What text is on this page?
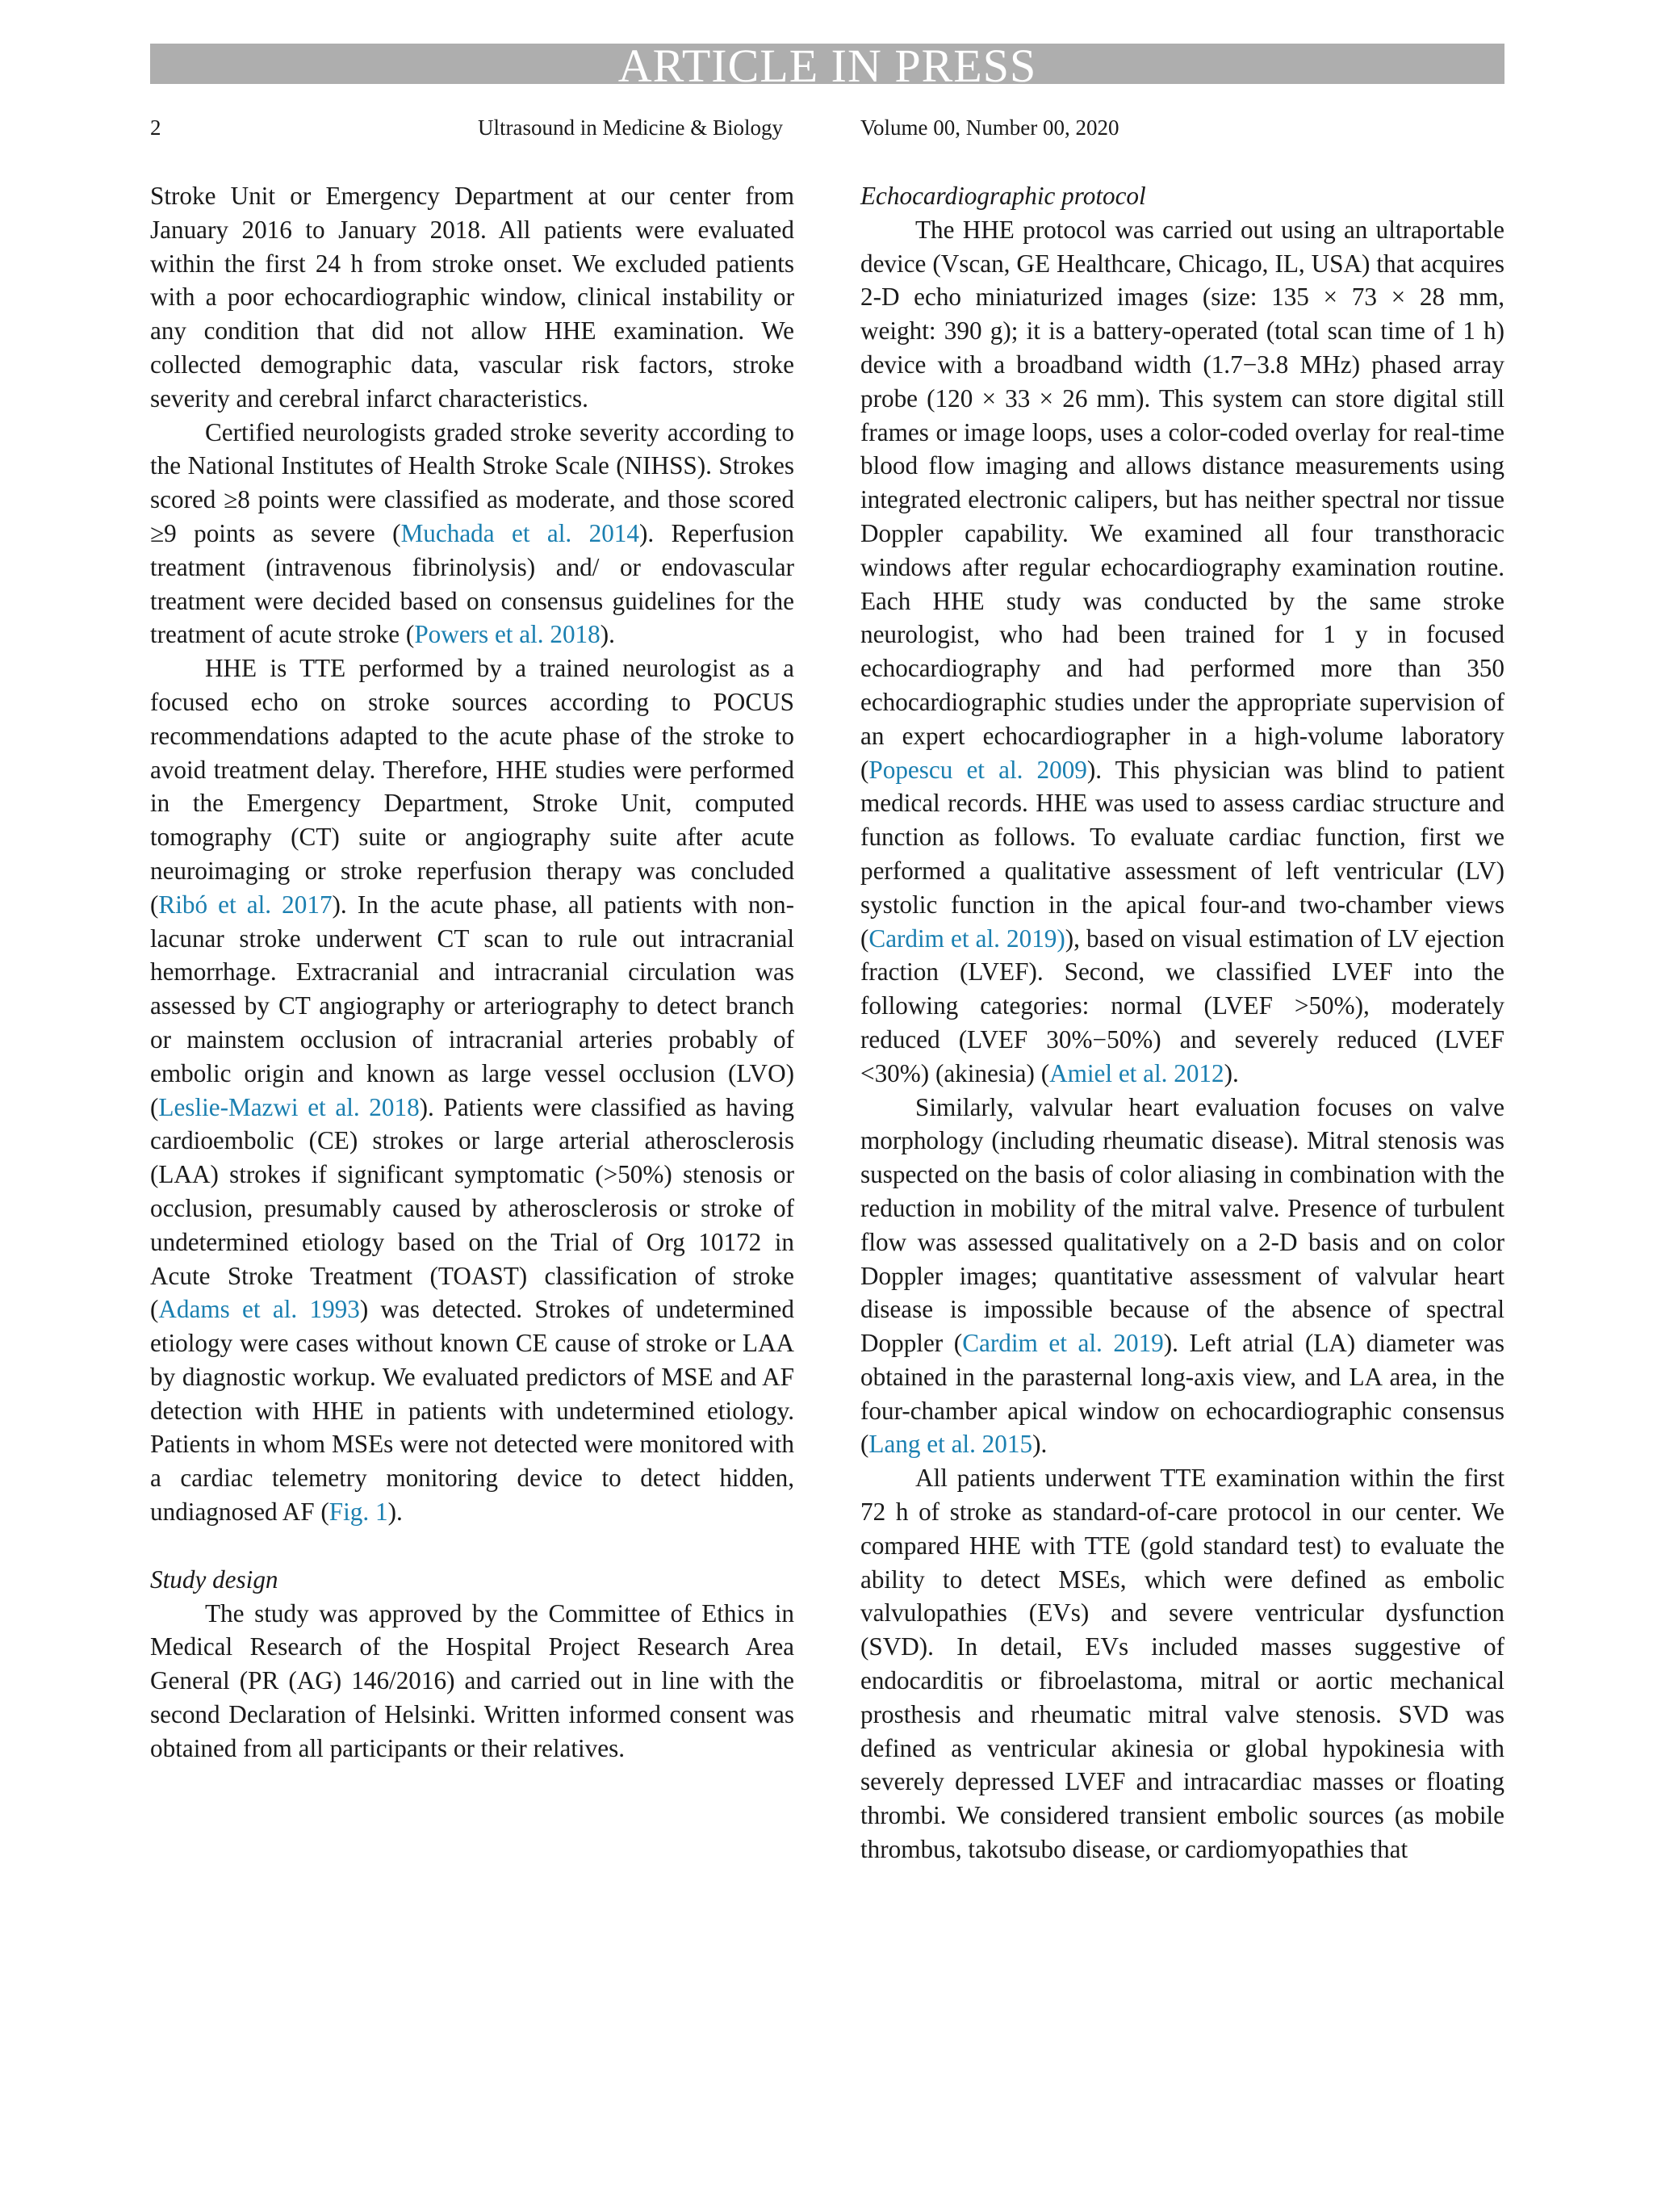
ARTICLE IN PRESS
2	Ultrasound in Medicine & Biology	Volume 00, Number 00, 2020

Stroke Unit or Emergency Department at our center from January 2016 to January 2018. All patients were evaluated within the first 24 h from stroke onset. We excluded patients with a poor echocardiographic window, clinical instability or any condition that did not allow HHE examination. We collected demographic data, vascular risk factors, stroke severity and cerebral infarct characteristics.

Certified neurologists graded stroke severity according to the National Institutes of Health Stroke Scale (NIHSS). Strokes scored ≥8 points were classified as moderate, and those scored ≥9 points as severe (Muchada et al. 2014). Reperfusion treatment (intravenous fibrinolysis) and/ or endovascular treatment were decided based on consensus guidelines for the treatment of acute stroke (Powers et al. 2018).

HHE is TTE performed by a trained neurologist as a focused echo on stroke sources according to POCUS recommendations adapted to the acute phase of the stroke to avoid treatment delay. Therefore, HHE studies were performed in the Emergency Department, Stroke Unit, computed tomography (CT) suite or angiography suite after acute neuroimaging or stroke reperfusion therapy was concluded (Ribó et al. 2017). In the acute phase, all patients with non-lacunar stroke underwent CT scan to rule out intracranial hemorrhage. Extracranial and intracranial circulation was assessed by CT angiography or arteriography to detect branch or mainstem occlusion of intracranial arteries probably of embolic origin and known as large vessel occlusion (LVO) (Leslie-Mazwi et al. 2018). Patients were classified as having cardioembolic (CE) strokes or large arterial atherosclerosis (LAA) strokes if significant symptomatic (>50%) stenosis or occlusion, presumably caused by atherosclerosis or stroke of undetermined etiology based on the Trial of Org 10172 in Acute Stroke Treatment (TOAST) classification of stroke (Adams et al. 1993) was detected. Strokes of undetermined etiology were cases without known CE cause of stroke or LAA by diagnostic workup. We evaluated predictors of MSE and AF detection with HHE in patients with undetermined etiology. Patients in whom MSEs were not detected were monitored with a cardiac telemetry monitoring device to detect hidden, undiagnosed AF (Fig. 1).

Study design

The study was approved by the Committee of Ethics in Medical Research of the Hospital Project Research Area General (PR (AG) 146/2016) and carried out in line with the second Declaration of Helsinki. Written informed consent was obtained from all participants or their relatives.

Echocardiographic protocol

The HHE protocol was carried out using an ultraportable device (Vscan, GE Healthcare, Chicago, IL, USA) that acquires 2-D echo miniaturized images (size: 135 × 73 × 28 mm, weight: 390 g); it is a battery-operated (total scan time of 1 h) device with a broadband width (1.7−3.8 MHz) phased array probe (120 × 33 × 26 mm). This system can store digital still frames or image loops, uses a color-coded overlay for real-time blood flow imaging and allows distance measurements using integrated electronic calipers, but has neither spectral nor tissue Doppler capability. We examined all four transthoracic windows after regular echocardiography examination routine. Each HHE study was conducted by the same stroke neurologist, who had been trained for 1 y in focused echocardiography and had performed more than 350 echocardiographic studies under the appropriate supervision of an expert echocardiographer in a high-volume laboratory (Popescu et al. 2009). This physician was blind to patient medical records. HHE was used to assess cardiac structure and function as follows. To evaluate cardiac function, first we performed a qualitative assessment of left ventricular (LV) systolic function in the apical four-and two-chamber views (Cardim et al. 2019)), based on visual estimation of LV ejection fraction (LVEF). Second, we classified LVEF into the following categories: normal (LVEF >50%), moderately reduced (LVEF 30%−50%) and severely reduced (LVEF <30%) (akinesia) (Amiel et al. 2012).

Similarly, valvular heart evaluation focuses on valve morphology (including rheumatic disease). Mitral stenosis was suspected on the basis of color aliasing in combination with the reduction in mobility of the mitral valve. Presence of turbulent flow was assessed qualitatively on a 2-D basis and on color Doppler images; quantitative assessment of valvular heart disease is impossible because of the absence of spectral Doppler (Cardim et al. 2019). Left atrial (LA) diameter was obtained in the parasternal long-axis view, and LA area, in the four-chamber apical window on echocardiographic consensus (Lang et al. 2015).

All patients underwent TTE examination within the first 72 h of stroke as standard-of-care protocol in our center. We compared HHE with TTE (gold standard test) to evaluate the ability to detect MSEs, which were defined as embolic valvulopathies (EVs) and severe ventricular dysfunction (SVD). In detail, EVs included masses suggestive of endocarditis or fibroelastoma, mitral or aortic mechanical prosthesis and rheumatic mitral valve stenosis. SVD was defined as ventricular akinesia or global hypokinesia with severely depressed LVEF and intracardiac masses or floating thrombi. We considered transient embolic sources (as mobile thrombus, takotsubo disease, or cardiomyopathies that
